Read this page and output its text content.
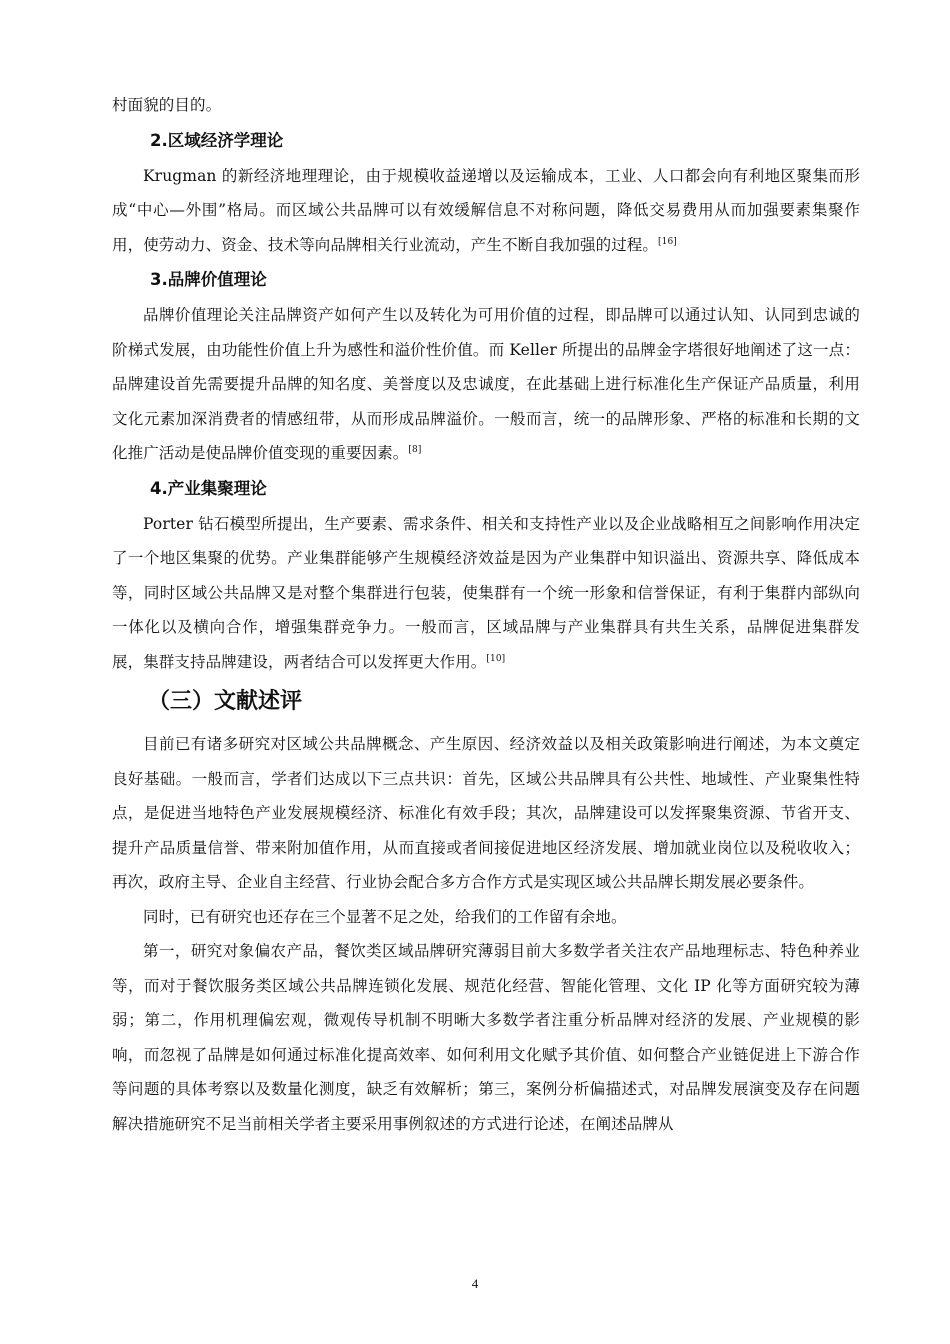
村面貌的目的。

2.区域经济学理论

Krugman 的新经济地理理论，由于规模收益递增以及运输成本，工业、人口都会向有利地区聚集而形成“中心—外围”格局。而区域公共品牌可以有效缓解信息不对称问题，降低交易费用从而加强要素集聚作用，使劳动力、资金、技术等向品牌相关行业流动，产生不断自我加强的过程。[16]

3.品牌价值理论

品牌价值理论关注品牌资产如何产生以及转化为可用价值的过程，即品牌可以通过认知、认同到忠诚的阶梯式发展，由功能性价值上升为感性和溢价性价值。而 Keller 所提出的品牌金字塔很好地阐述了这一点：品牌建设首先需要提升品牌的知名度、美誉度以及忠诚度，在此基础上进行标准化生产保证产品质量，利用文化元素加深消费者的情感纽带，从而形成品牌溢价。一般而言，统一的品牌形象、严格的标准和长期的文化推广活动是使品牌价值变现的重要因素。[8]

4.产业集聚理论

Porter 钻石模型所提出，生产要素、需求条件、相关和支持性产业以及企业战略相互之间影响作用决定了一个地区集聚的优势。产业集群能够产生规模经济效益是因为产业集群中知识溢出、资源共享、降低成本等，同时区域公共品牌又是对整个集群进行包装，使集群有一个统一形象和信誉保证，有利于集群内部纵向一体化以及横向合作，增强集群竞争力。一般而言，区域品牌与产业集群具有共生关系，品牌促进集群发展，集群支持品牌建设，两者结合可以发挥更大作用。[10]

（三）文献述评

目前已有诸多研究对区域公共品牌概念、产生原因、经济效益以及相关政策影响进行阐述，为本文奠定良好基础。一般而言，学者们达成以下三点共识：首先，区域公共品牌具有公共性、地域性、产业聚集性特点，是促进当地特色产业发展规模经济、标准化有效手段；其次，品牌建设可以发挥聚集资源、节省开支、提升产品质量信誉、带来附加值作用，从而直接或者间接促进地区经济发展、增加就业岗位以及税收收入；再次，政府主导、企业自主经营、行业协会配合多方合作方式是实现区域公共品牌长期发展必要条件。

同时，已有研究也还存在三个显著不足之处，给我们的工作留有余地。

第一，研究对象偏农产品，餐饮类区域品牌研究薄弱目前大多数学者关注农产品地理标志、特色种养业等，而对于餐饮服务类区域公共品牌连锁化发展、规范化经营、智能化管理、文化 IP 化等方面研究较为薄弱；第二，作用机理偏宏观，微观传导机制不明晰大多数学者注重分析品牌对经济的发展、产业规模的影响，而忽视了品牌是如何通过标准化提高效率、如何利用文化赋予其价值、如何整合产业链促进上下游合作等问题的具体考察以及数量化测度，缺乏有效解析；第三，案例分析偏描述式，对品牌发展演变及存在问题解决措施研究不足当前相关学者主要采用事例叙述的方式进行论述，在阐述品牌从

4
